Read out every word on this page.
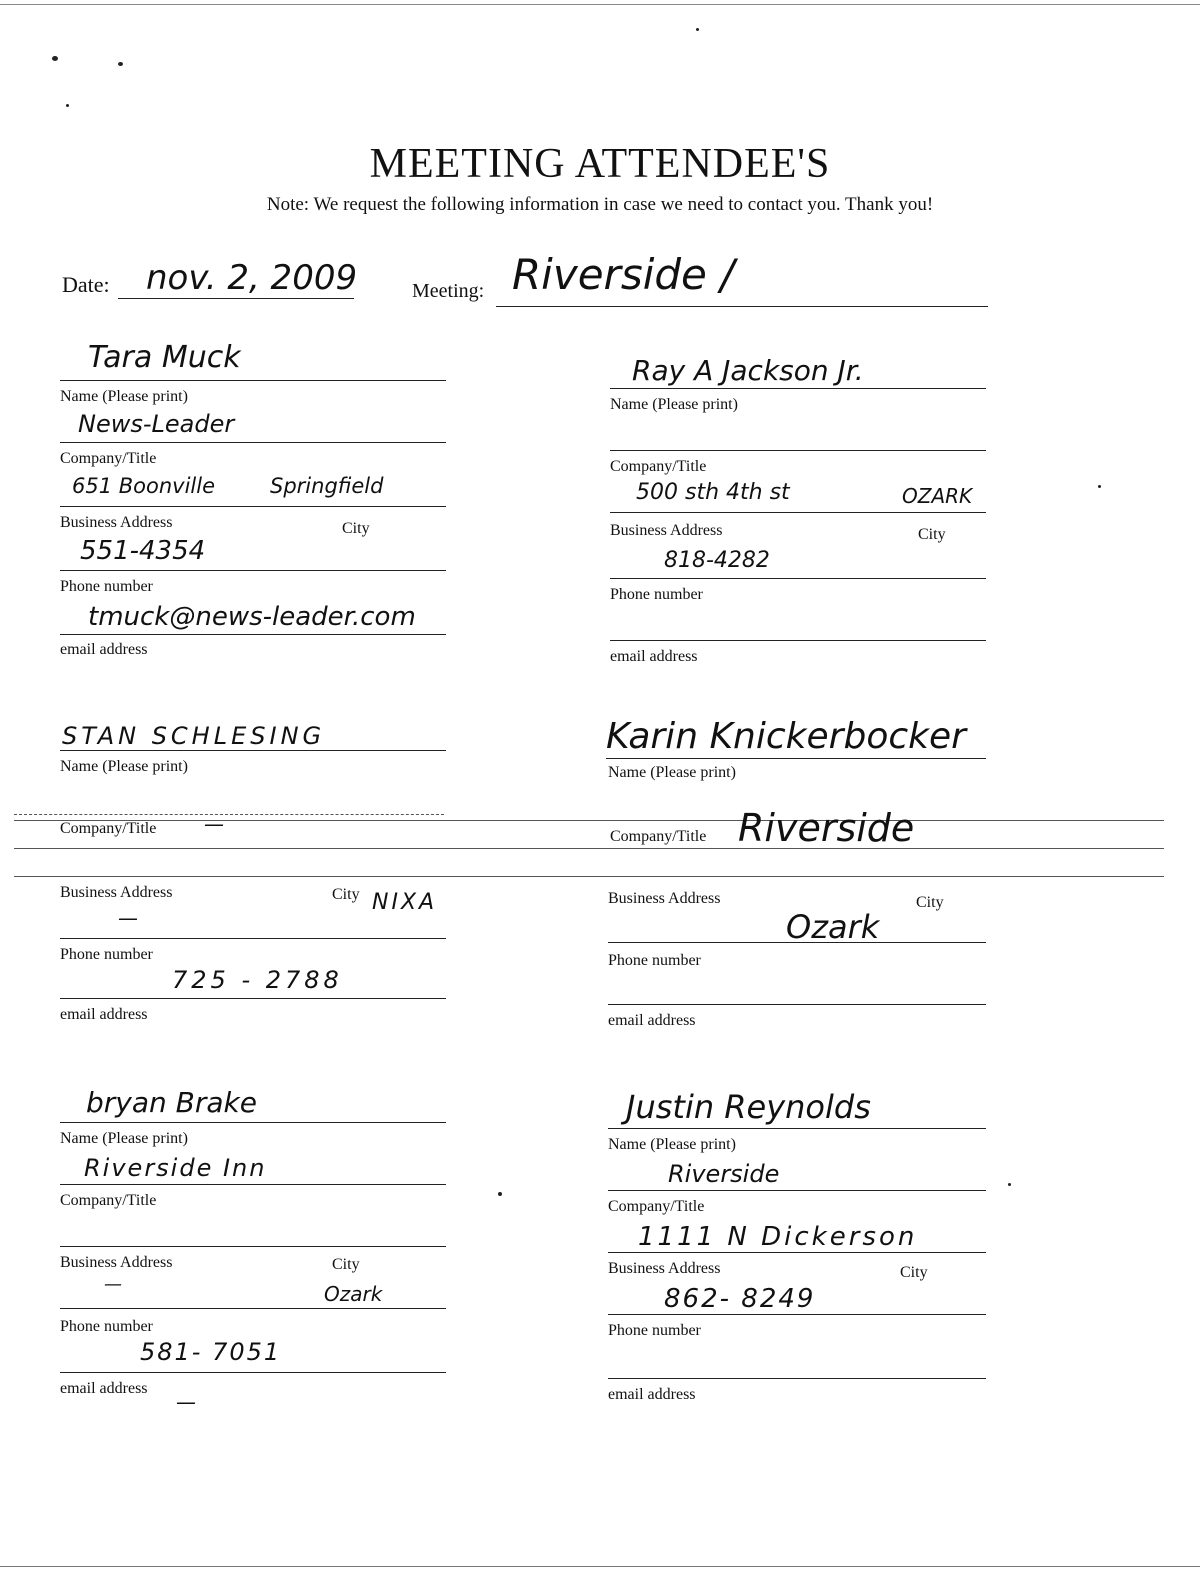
MEETING ATTENDEE'S
Note: We request the following information in case we need to contact you. Thank you!
Date: nov. 2, 2009	Meeting: Riverside /
Tara Muck
Name (Please print)
News-Leader
Company/Title
651 Boonville	Springfield
Business Address	City
551-4354
Phone number
tmuck@news-leader.com
email address
Ray A Jackson Jr.
Name (Please print)
Company/Title
500 sth 4th st	OZARK
Business Address	City
818-4282
Phone number
email address
STAN SCHLESING
Name (Please print)
Company/Title —
—
Business Address	City NIXA
Phone number
725 - 2788
email address
Karin Knickerbocker
Name (Please print)
Company/Title Riverside
Business Address	City
Ozark
Phone number
email address
bryan Brake
Name (Please print)
Riverside Inn
Company/Title
Business Address
—
City
Ozark
Phone number
581- 7051
email address
—
Justin Reynolds
Name (Please print)
Riverside
Company/Title
1111 N Dickerson
Business Address	City
862- 8249
Phone number
email address
